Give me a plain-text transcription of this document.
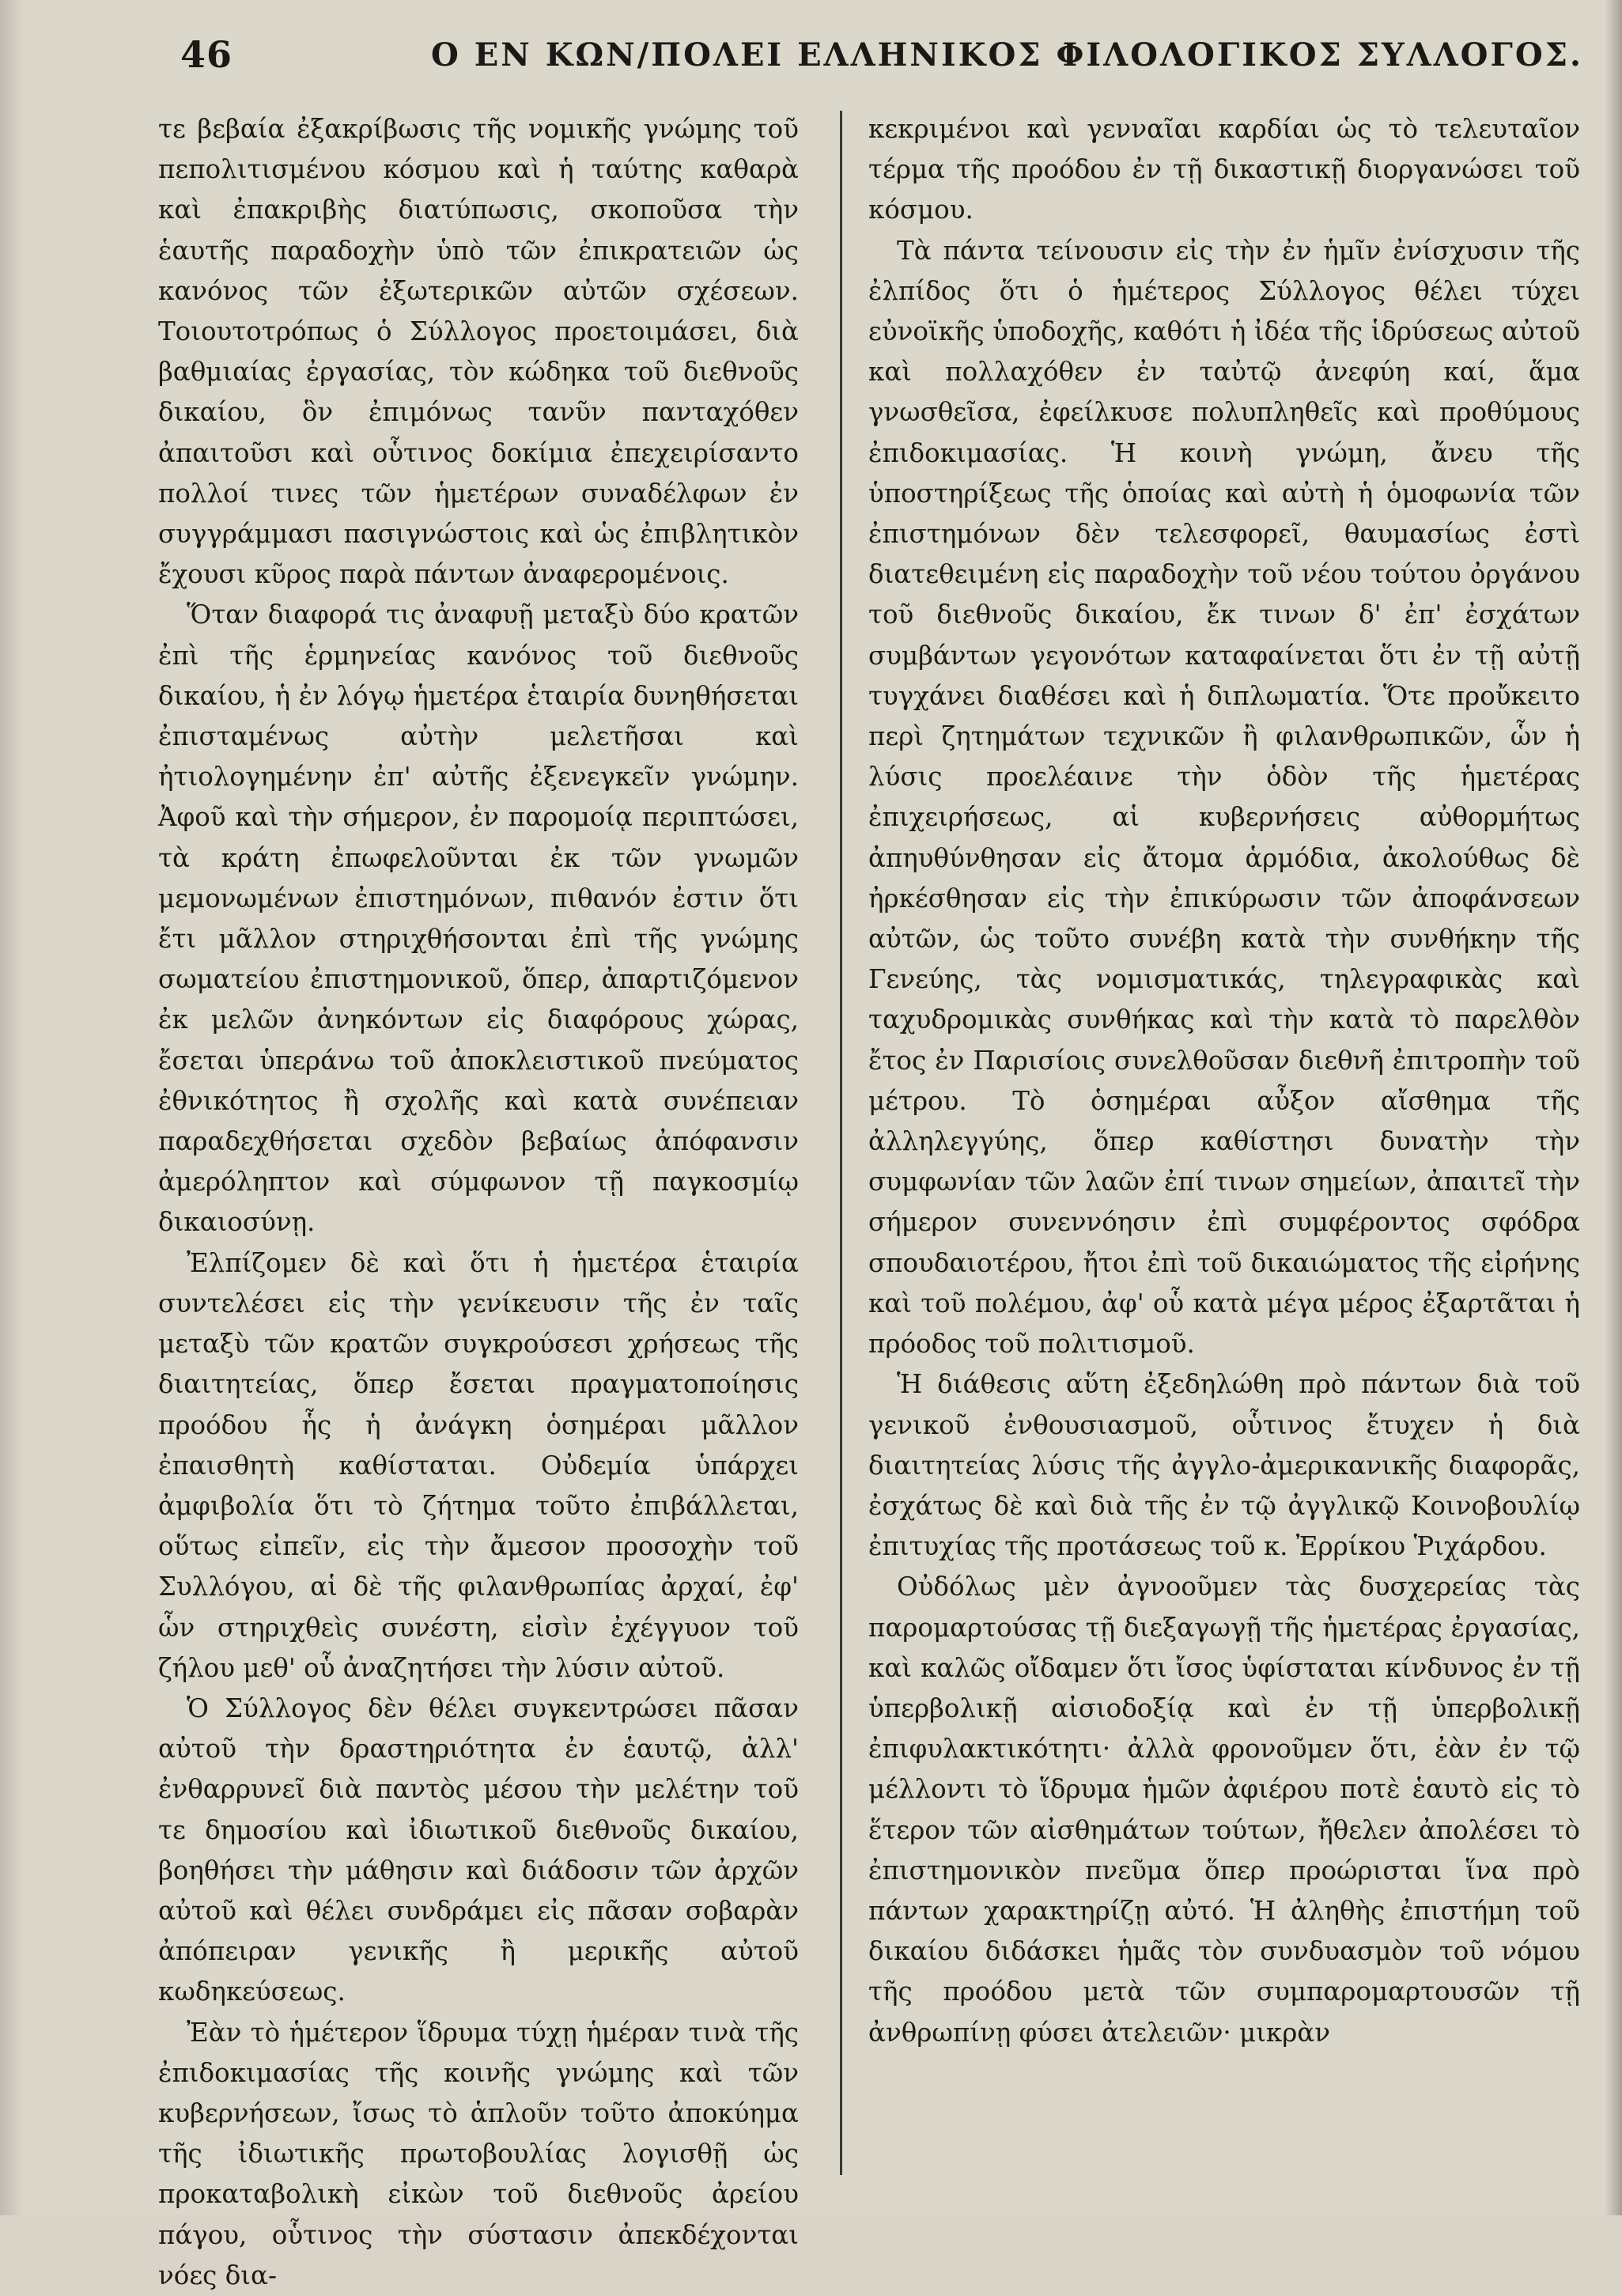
46	Ο ΕΝ ΚΩΝ/ΠΟΛΕΙ ΕΛΛΗΝΙΚΟΣ ΦΙΛΟΛΟΓΙΚΟΣ ΣΥΛΛΟΓΟΣ.

τε βεβαία ἐξακρίβωσις τῆς νομικῆς γνώμης τοῦ πεπολιτισμένου κόσμου καὶ ἡ ταύτης καθαρὰ καὶ ἐπακριβὴς διατύπωσις, σκοποῦσα τὴν ἑαυτῆς παραδοχὴν ὑπὸ τῶν ἐπικρατειῶν ὡς κανόνος τῶν ἐξωτερικῶν αὐτῶν σχέσεων. Τοιουτοτρόπως ὁ Σύλλογος προετοιμάσει, διὰ βαθμιαίας ἐργασίας, τὸν κώδηκα τοῦ διεθνοῦς δικαίου, ὃν ἐπιμόνως τανῦν πανταχόθεν ἀπαιτοῦσι καὶ οὗτινος δοκίμια ἐπεχειρίσαντο πολλοί τινες τῶν ἡμετέρων συναδέλφων ἐν συγγράμμασι πασιγνώστοις καὶ ὡς ἐπιβλητικὸν ἔχουσι κῦρος παρὰ πάντων ἀναφερομένοις.

Ὅταν διαφορά τις ἀναφυῇ μεταξὺ δύο κρατῶν ἐπὶ τῆς ἑρμηνείας κανόνος τοῦ διεθνοῦς δικαίου, ἡ ἐν λόγῳ ἡμετέρα ἑταιρία δυνηθήσεται ἐπισταμένως αὐτὴν μελετῆσαι καὶ ἠτιολογημένην ἐπ' αὐτῆς ἐξενεγκεῖν γνώμην. Ἀφοῦ καὶ τὴν σήμερον, ἐν παρομοίᾳ περιπτώσει, τὰ κράτη ἐπωφελοῦνται ἐκ τῶν γνωμῶν μεμονωμένων ἐπιστημόνων, πιθανόν ἐστιν ὅτι ἔτι μᾶλλον στηριχθήσονται ἐπὶ τῆς γνώμης σωματείου ἐπιστημονικοῦ, ὅπερ, ἀπαρτιζόμενον ἐκ μελῶν ἀνηκόντων εἰς διαφόρους χώρας, ἔσεται ὑπεράνω τοῦ ἀποκλειστικοῦ πνεύματος ἐθνικότητος ἢ σχολῆς καὶ κατὰ συνέπειαν παραδεχθήσεται σχεδὸν βεβαίως ἀπόφανσιν ἀμερόληπτον καὶ σύμφωνον τῇ παγκοσμίῳ δικαιοσύνῃ.

Ἐλπίζομεν δὲ καὶ ὅτι ἡ ἡμετέρα ἑταιρία συντελέσει εἰς τὴν γενίκευσιν τῆς ἐν ταῖς μεταξὺ τῶν κρατῶν συγκρούσεσι χρήσεως τῆς διαιτητείας, ὅπερ ἔσεται πραγματοποίησις προόδου ἧς ἡ ἀνάγκη ὁσημέραι μᾶλλον ἐπαισθητὴ καθίσταται. Οὐδεμία ὑπάρχει ἀμφιβολία ὅτι τὸ ζήτημα τοῦτο ἐπιβάλλεται, οὕτως εἰπεῖν, εἰς τὴν ἄμεσον προσοχὴν τοῦ Συλλόγου, αἱ δὲ τῆς φιλανθρωπίας ἀρχαί, ἐφ' ὧν στηριχθεὶς συνέστη, εἰσὶν ἐχέγγυον τοῦ ζήλου μεθ' οὗ ἀναζητήσει τὴν λύσιν αὐτοῦ.

Ὁ Σύλλογος δὲν θέλει συγκεντρώσει πᾶσαν αὐτοῦ τὴν δραστηριότητα ἐν ἑαυτῷ, ἀλλ' ἐνθαρρυνεῖ διὰ παντὸς μέσου τὴν μελέτην τοῦ τε δημοσίου καὶ ἰδιωτικοῦ διεθνοῦς δικαίου, βοηθήσει τὴν μάθησιν καὶ διάδοσιν τῶν ἀρχῶν αὐτοῦ καὶ θέλει συνδράμει εἰς πᾶσαν σοβαρὰν ἀπόπειραν γενικῆς ἢ μερικῆς αὐτοῦ κωδηκεύσεως.

Ἐὰν τὸ ἡμέτερον ἵδρυμα τύχῃ ἡμέραν τινὰ τῆς ἐπιδοκιμασίας τῆς κοινῆς γνώμης καὶ τῶν κυβερνήσεων, ἴσως τὸ ἁπλοῦν τοῦτο ἀποκύημα τῆς ἰδιωτικῆς πρωτοβουλίας λογισθῇ ὡς προκαταβολικὴ εἰκὼν τοῦ διεθνοῦς ἀρείου πάγου, οὗτινος τὴν σύστασιν ἀπεκδέχονται νόες δια-

κεκριμένοι καὶ γενναῖαι καρδίαι ὡς τὸ τελευταῖον τέρμα τῆς προόδου ἐν τῇ δικαστικῇ διοργανώσει τοῦ κόσμου.

Τὰ πάντα τείνουσιν εἰς τὴν ἐν ἡμῖν ἐνίσχυσιν τῆς ἐλπίδος ὅτι ὁ ἡμέτερος Σύλλογος θέλει τύχει εὐνοϊκῆς ὑποδοχῆς, καθότι ἡ ἰδέα τῆς ἱδρύσεως αὐτοῦ καὶ πολλαχόθεν ἐν ταὐτῷ ἀνεφύη καί, ἅμα γνωσθεῖσα, ἐφείλκυσε πολυπληθεῖς καὶ προθύμους ἐπιδοκιμασίας. Ἡ κοινὴ γνώμη, ἄνευ τῆς ὑποστηρίξεως τῆς ὁποίας καὶ αὐτὴ ἡ ὁμοφωνία τῶν ἐπιστημόνων δὲν τελεσφορεῖ, θαυμασίως ἐστὶ διατεθειμένη εἰς παραδοχὴν τοῦ νέου τούτου ὀργάνου τοῦ διεθνοῦς δικαίου, ἔκ τινων δ' ἐπ' ἐσχάτων συμβάντων γεγονότων καταφαίνεται ὅτι ἐν τῇ αὐτῇ τυγχάνει διαθέσει καὶ ἡ διπλωματία. Ὅτε προὔκειτο περὶ ζητημάτων τεχνικῶν ἢ φιλανθρωπικῶν, ὧν ἡ λύσις προελέαινε τὴν ὁδὸν τῆς ἡμετέρας ἐπιχειρήσεως, αἱ κυβερνήσεις αὐθορμήτως ἀπηυθύνθησαν εἰς ἄτομα ἁρμόδια, ἀκολούθως δὲ ἠρκέσθησαν εἰς τὴν ἐπικύρωσιν τῶν ἀποφάνσεων αὐτῶν, ὡς τοῦτο συνέβη κατὰ τὴν συνθήκην τῆς Γενεύης, τὰς νομισματικάς, τηλεγραφικὰς καὶ ταχυδρομικὰς συνθήκας καὶ τὴν κατὰ τὸ παρελθὸν ἔτος ἐν Παρισίοις συνελθοῦσαν διεθνῆ ἐπιτροπὴν τοῦ μέτρου. Τὸ ὁσημέραι αὖξον αἴσθημα τῆς ἀλληλεγγύης, ὅπερ καθίστησι δυνατὴν τὴν συμφωνίαν τῶν λαῶν ἐπί τινων σημείων, ἀπαιτεῖ τὴν σήμερον συνεννόησιν ἐπὶ συμφέροντος σφόδρα σπουδαιοτέρου, ἤτοι ἐπὶ τοῦ δικαιώματος τῆς εἰρήνης καὶ τοῦ πολέμου, ἀφ' οὗ κατὰ μέγα μέρος ἐξαρτᾶται ἡ πρόοδος τοῦ πολιτισμοῦ.

Ἡ διάθεσις αὕτη ἐξεδηλώθη πρὸ πάντων διὰ τοῦ γενικοῦ ἐνθουσιασμοῦ, οὗτινος ἔτυχεν ἡ διὰ διαιτητείας λύσις τῆς ἀγγλο-ἀμερικανικῆς διαφορᾶς, ἐσχάτως δὲ καὶ διὰ τῆς ἐν τῷ ἀγγλικῷ Κοινοβουλίῳ ἐπιτυχίας τῆς προτάσεως τοῦ κ. Ἐρρίκου Ῥιχάρδου.

Οὐδόλως μὲν ἀγνοοῦμεν τὰς δυσχερείας τὰς παρομαρτούσας τῇ διεξαγωγῇ τῆς ἡμετέρας ἐργασίας, καὶ καλῶς οἴδαμεν ὅτι ἴσος ὑφίσταται κίνδυνος ἐν τῇ ὑπερβολικῇ αἰσιοδοξίᾳ καὶ ἐν τῇ ὑπερβολικῇ ἐπιφυλακτικότητι· ἀλλὰ φρονοῦμεν ὅτι, ἐὰν ἐν τῷ μέλλοντι τὸ ἵδρυμα ἡμῶν ἀφιέρου ποτὲ ἑαυτὸ εἰς τὸ ἕτερον τῶν αἰσθημάτων τούτων, ἤθελεν ἀπολέσει τὸ ἐπιστημονικὸν πνεῦμα ὅπερ προώρισται ἵνα πρὸ πάντων χαρακτηρίζῃ αὐτό. Ἡ ἀληθὴς ἐπιστήμη τοῦ δικαίου διδάσκει ἡμᾶς τὸν συνδυασμὸν τοῦ νόμου τῆς προόδου μετὰ τῶν συμπαρομαρτουσῶν τῇ ἀνθρωπίνῃ φύσει ἀτελειῶν· μικρὰν
